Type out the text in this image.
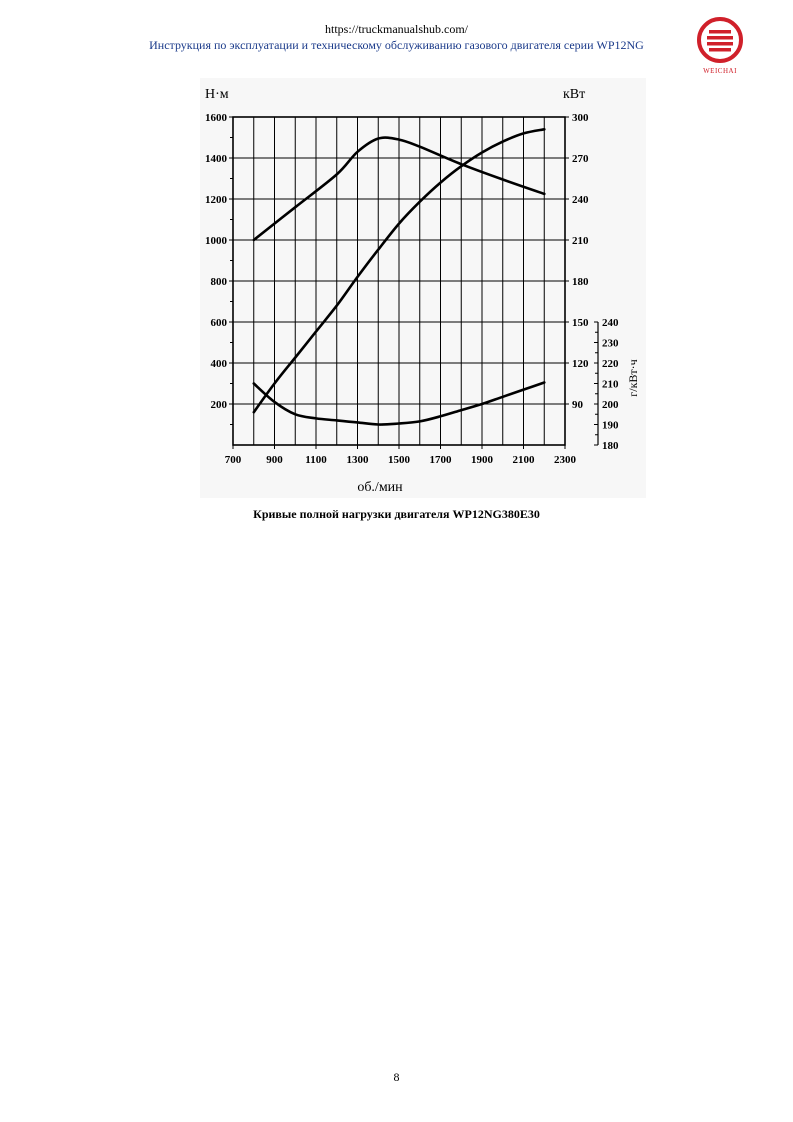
https://truckmanualshub.com/
Инструкция по эксплуатации и техническому обслуживанию газового двигателя серии WP12NG
WEICHAI
200
400
600
800
1000
1200
1400
1600
700 900 1100 1300 1500 1700 1900 2100 2300
90
120
150
180
210
240
270
300
180
190
200
210
220
230
240
Н·м	кВт
об./мин
г/кВт·ч
Кривые полной нагрузки двигателя WP12NG380E30
8
